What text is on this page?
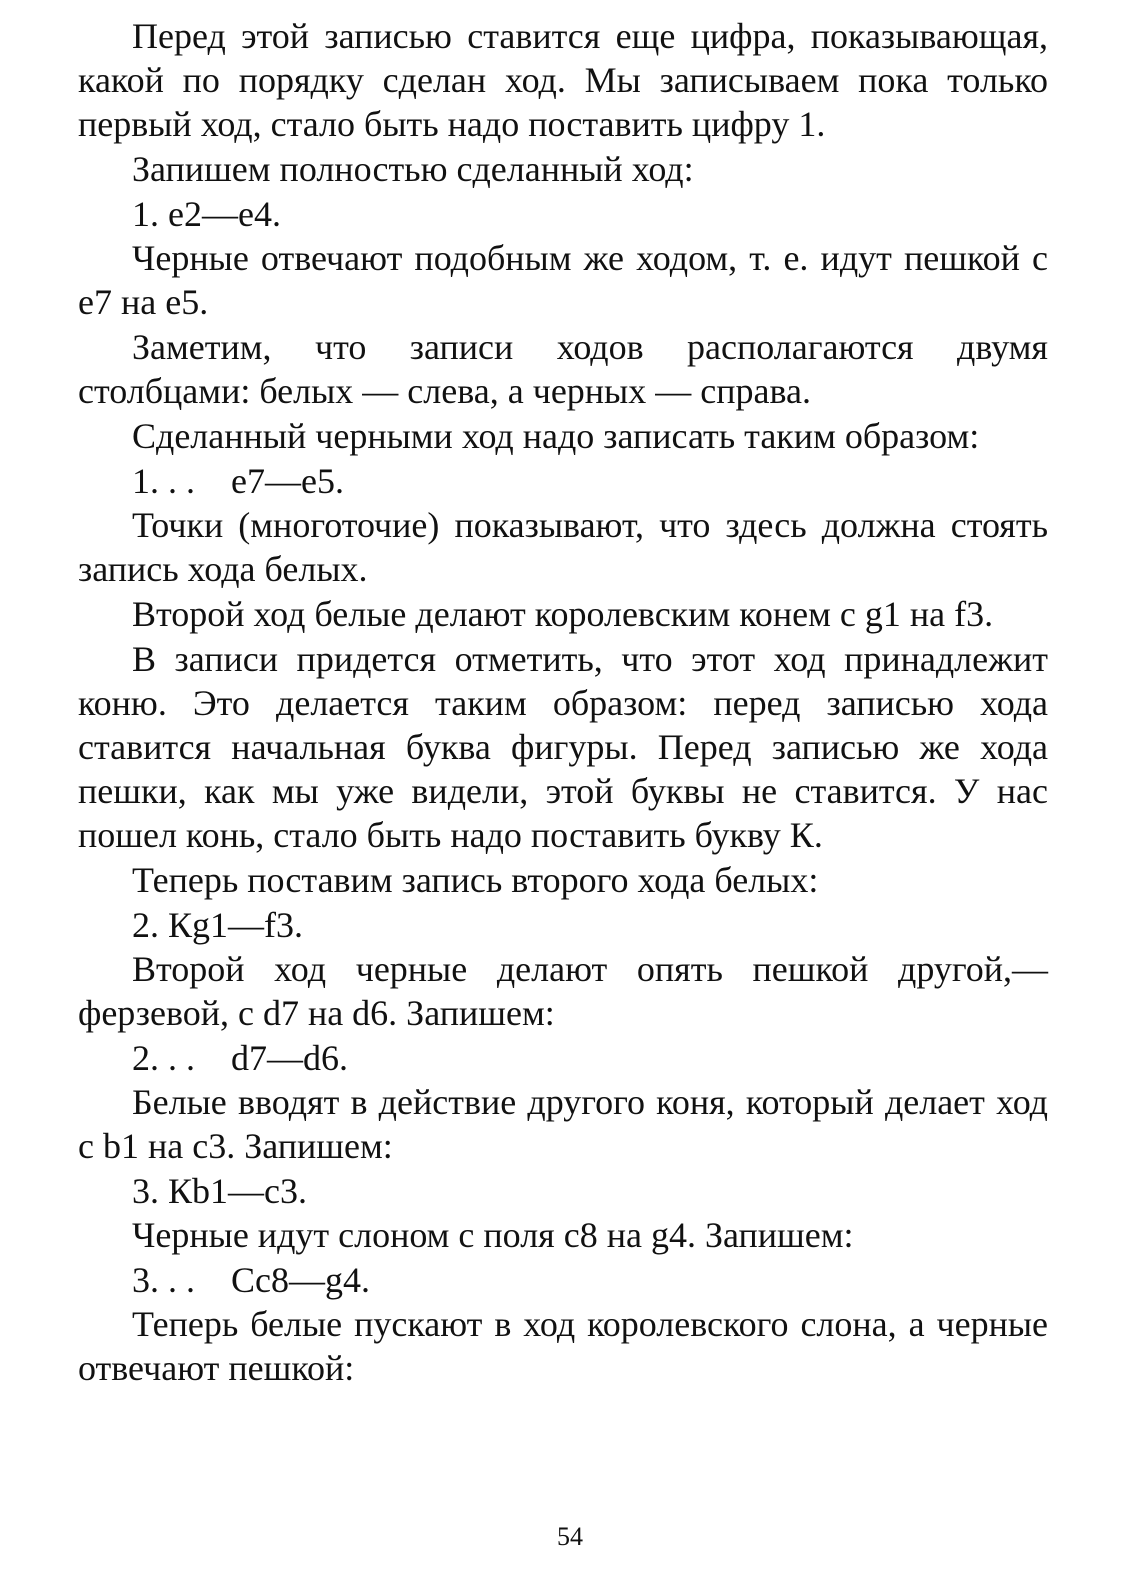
Перед этой записью ставится еще цифра, показывающая, какой по порядку сделан ход. Мы записываем пока только первый ход, стало быть надо поставить цифру 1.

Запишем полностью сделанный ход:

1. e2—e4.

Черные отвечают подобным же ходом, т. е. идут пешкой с e7 на e5.

Заметим, что записи ходов располагаются двумя столбцами: белых — слева, а черных — справа.

Сделанный черными ход надо записать таким образом:

1. . .    e7—e5.

Точки (многоточие) показывают, что здесь должна стоять запись хода белых.

Второй ход белые делают королевским конем с g1 на f3.

В записи придется отметить, что этот ход принадлежит коню. Это делается таким образом: перед записью хода ставится начальная буква фигуры. Перед записью же хода пешки, как мы уже видели, этой буквы не ставится. У нас пошел конь, стало быть надо поставить букву К.

Теперь поставим запись второго хода белых:

2. Кg1—f3.

Второй ход черные делают опять пешкой другой,— ферзевой, с d7 на d6. Запишем:

2. . .    d7—d6.

Белые вводят в действие другого коня, который делает ход с b1 на c3. Запишем:

3. Кb1—c3.

Черные идут слоном с поля c8 на g4. Запишем:

3. . .    Сc8—g4.

Теперь белые пускают в ход королевского слона, а черные отвечают пешкой:

54
